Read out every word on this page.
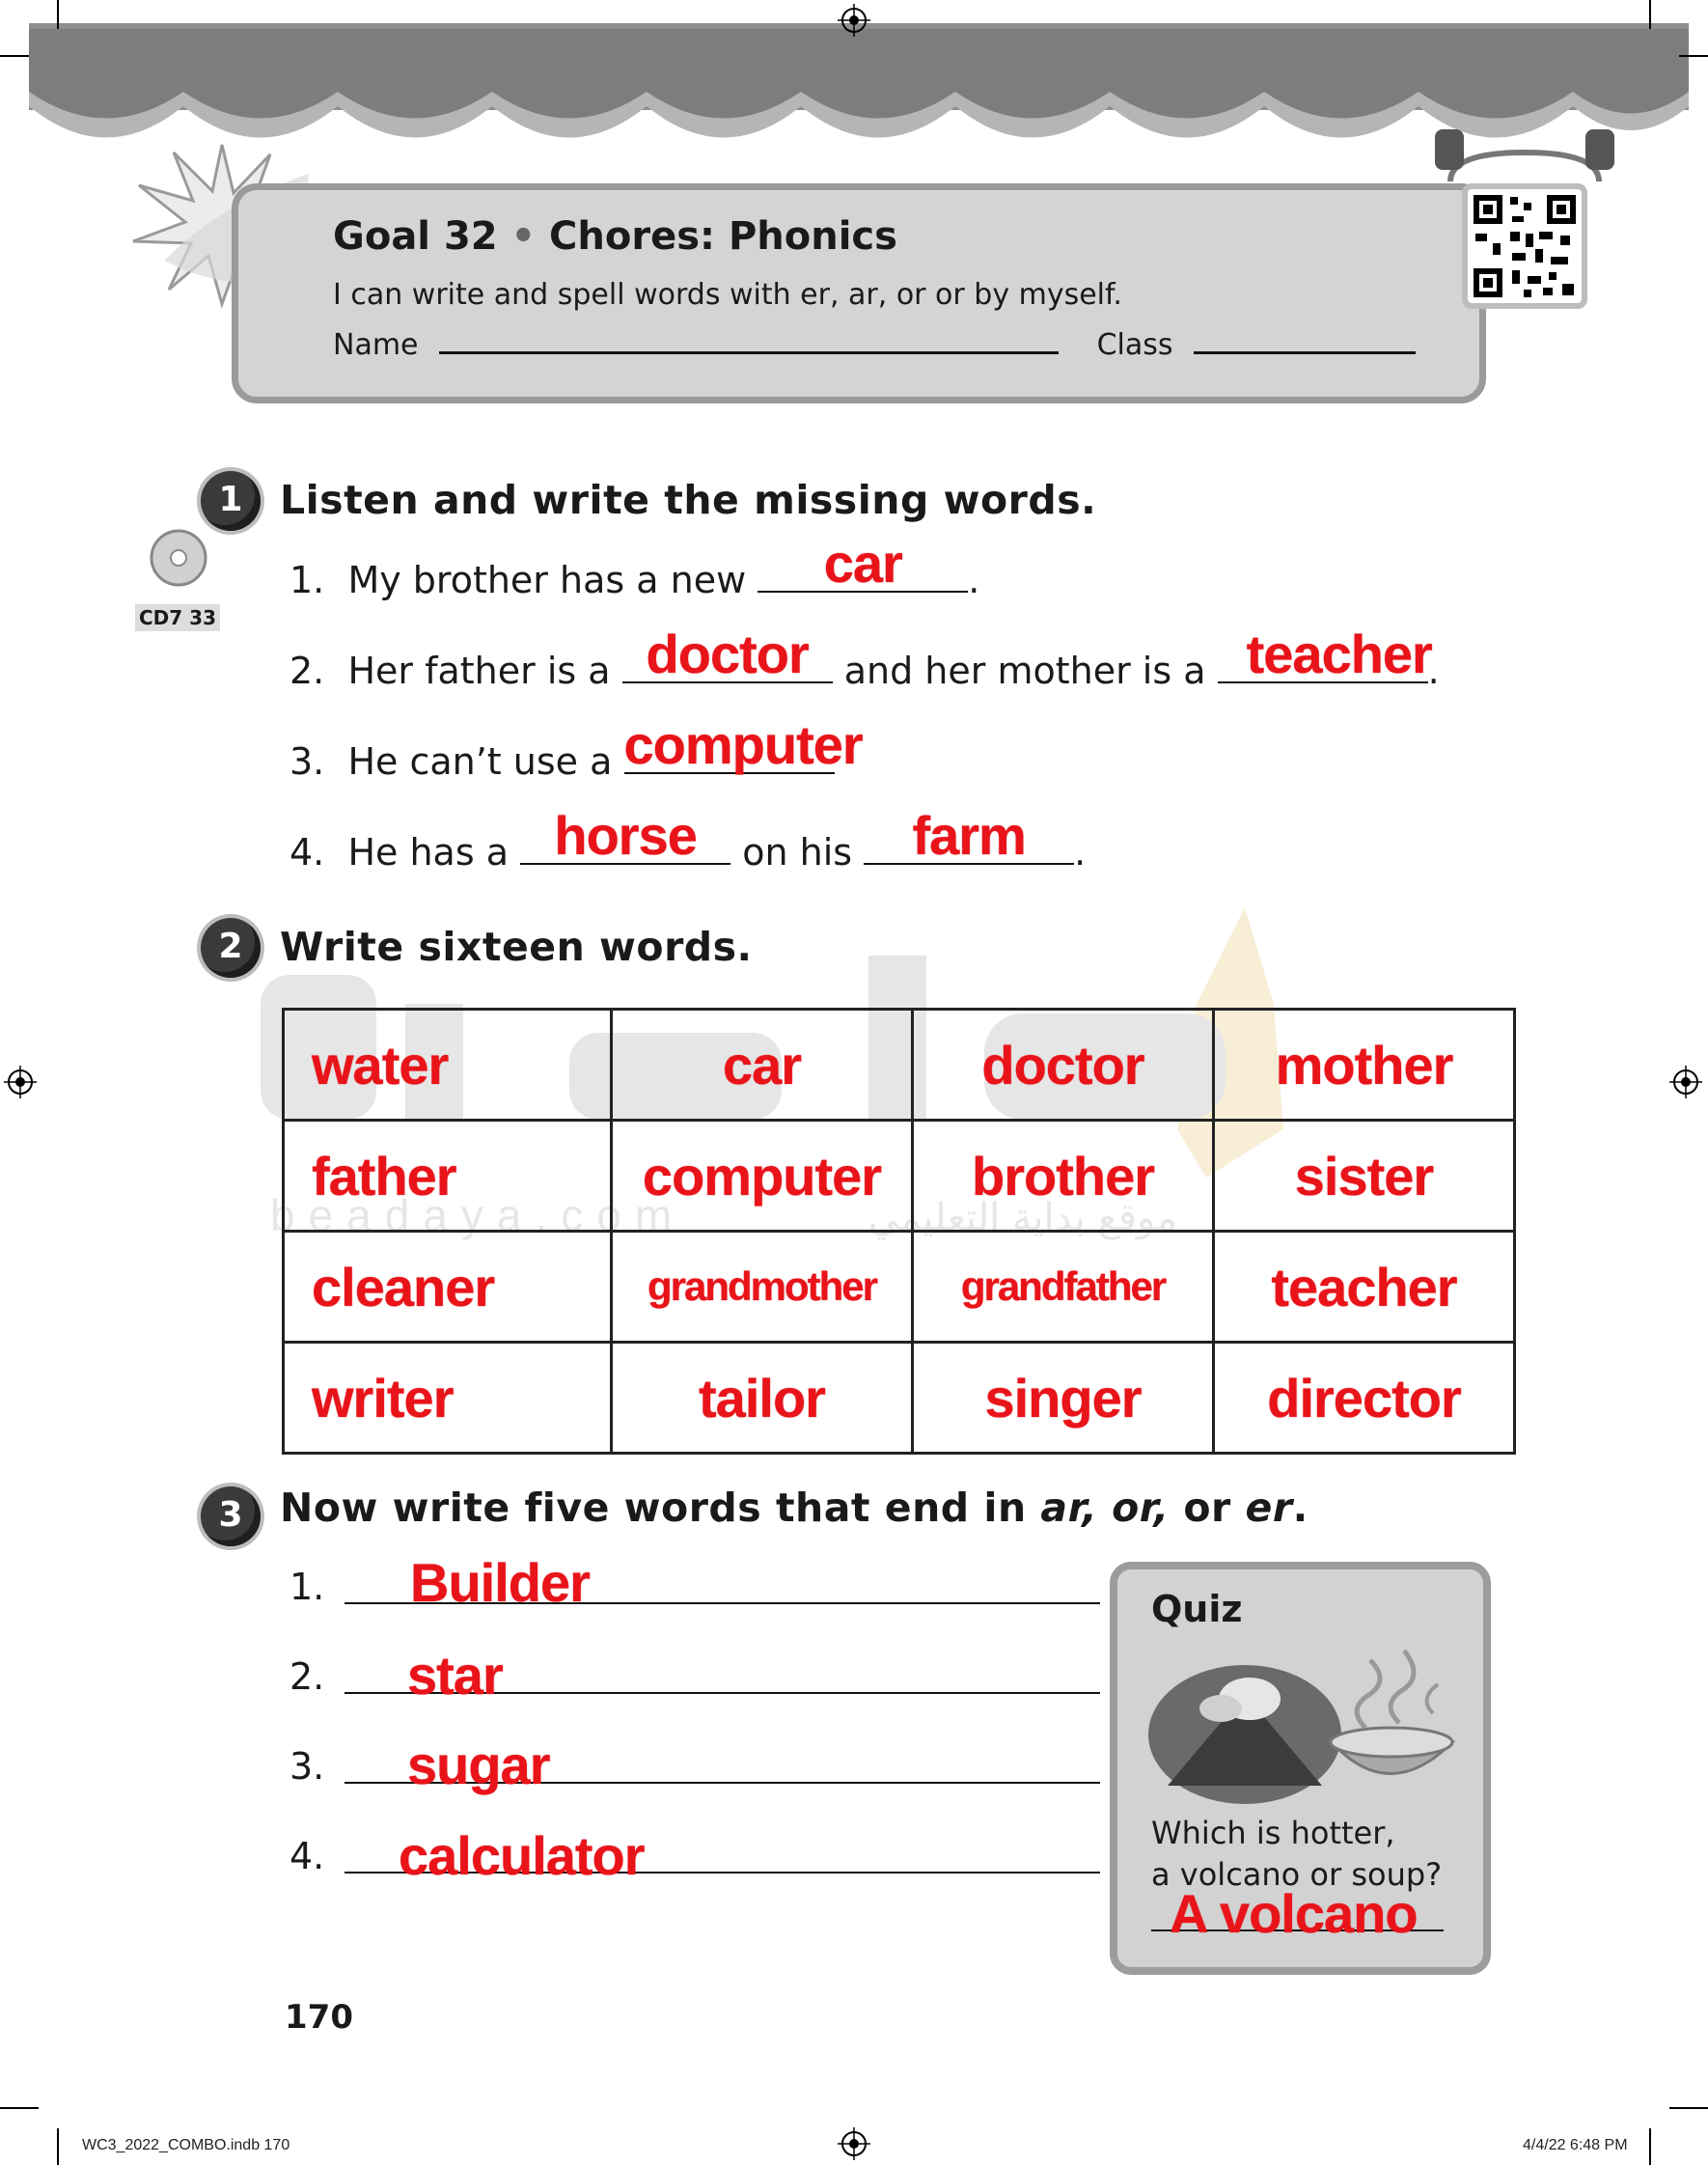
Goal 32 • Chores: Phonics
I can write and spell words with er, ar, or or by myself.
Name	Class
beadaya.com	موقع بداية التعليمي
1 Listen and write the missing words.
CD7 33
1. My brother has a new	car	.
2. Her father is a doctor and her mother is a teacher
.
3. He can’t use a computer
4. He has a horse	on his	farm	.
2 Write sixteen words.
water	car	doctor	mother
father	computer	brother	sister
cleaner	grandmother	grandfather	teacher
writer	tailor	singer	director
3 Now write five words that end in ar, or, or er.
1. Builder
2. star
3. sugar
4. calculator
Quiz
Which is hotter,
a volcano or soup?
A volcano
170
WC3_2022_COMBO.indb 170	4/4/22 6:48 PM
